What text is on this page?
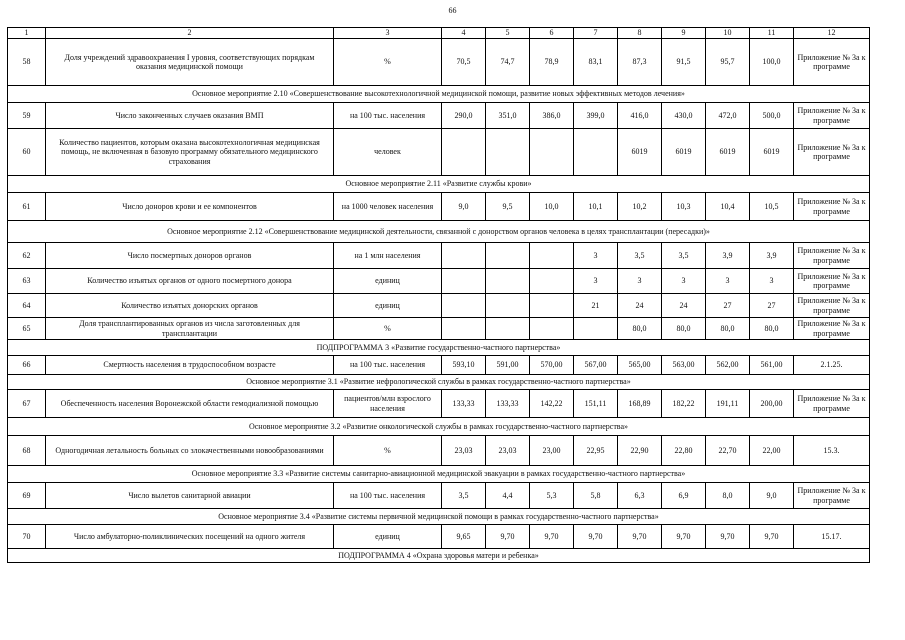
66
1	2	3	4	5	6	7	8	9	10	11	12
58	Доля учреждений здравоохранения I уровня, соответствующих порядкам оказания медицинской помощи	%	70,5	74,7	78,9	83,1	87,3	91,5	95,7	100,0	Приложение № 3а к программе
Основное мероприятие 2.10 «Совершенствование высокотехнологичной медицинской помощи, развитие новых эффективных методов лечения»											
59	Число законченных случаев оказания ВМП	на 100 тыс. населения	290,0	351,0	386,0	399,0	416,0	430,0	472,0	500,0	Приложение № 3а к программе
60	Количество пациентов, которым оказана высокотехнологичная медицинская помощь, не включенная в базовую программу обязательного медицинского страхования	человек					6019	6019	6019	6019	Приложение № 3а к программе
Основное мероприятие 2.11 «Развитие службы крови»											
61	Число доноров крови и ее компонентов	на 1000 человек населения	9,0	9,5	10,0	10,1	10,2	10,3	10,4	10,5	Приложение № 3а к программе
Основное мероприятие 2.12 «Совершенствование медицинской деятельности, связанной с донорством органов человека в целях трансплантации (пересадки)»											
62	Число посмертных доноров органов	на 1 млн населения				3	3,5	3,5	3,9	3,9	Приложение № 3а к программе
63	Количество изъятых органов от одного посмертного донора	единиц				3	3	3	3	3	Приложение № 3а к программе
64	Количество изъятых донорских органов	единиц				21	24	24	27	27	Приложение № 3а к программе
65	Доля трансплантированных органов из числа заготовленных для трансплантации	%					80,0	80,0	80,0	80,0	Приложение № 3а к программе
ПОДПРОГРАММА 3 «Развитие государственно-частного партнерства»											
66	Смертность населения в трудоспособном возрасте	на 100 тыс. населения	593,10	591,00	570,00	567,00	565,00	563,00	562,00	561,00	2.1.25.
Основное мероприятие 3.1 «Развитие нефрологической службы в рамках государственно-частного партнерства»											
67	Обеспеченность населения Воронежской области гемодиализной помощью	пациентов/млн взрослого населения	133,33	133,33	142,22	151,11	168,89	182,22	191,11	200,00	Приложение № 3а к программе
Основное мероприятие 3.2 «Развитие онкологической службы в рамках государственно-частного партнерства»											
68	Одногодичная летальность больных со злокачественными новообразованиями	%	23,03	23,03	23,00	22,95	22,90	22,80	22,70	22,00	15.3.
Основное мероприятие 3.3 «Развитие системы санитарно-авиационной медицинской эвакуации в рамках государственно-частного партнерства»											
69	Число вылетов санитарной авиации	на 100 тыс. населения	3,5	4,4	5,3	5,8	6,3	6,9	8,0	9,0	Приложение № 3а к программе
Основное мероприятие 3.4 «Развитие системы первичной медицинской помощи в рамках государственно-частного партнерства»											
70	Число амбулаторно-поликлинических посещений на одного жителя	единиц	9,65	9,70	9,70	9,70	9,70	9,70	9,70	9,70	15.17.
ПОДПРОГРАММА 4 «Охрана здоровья матери и ребенка»											
